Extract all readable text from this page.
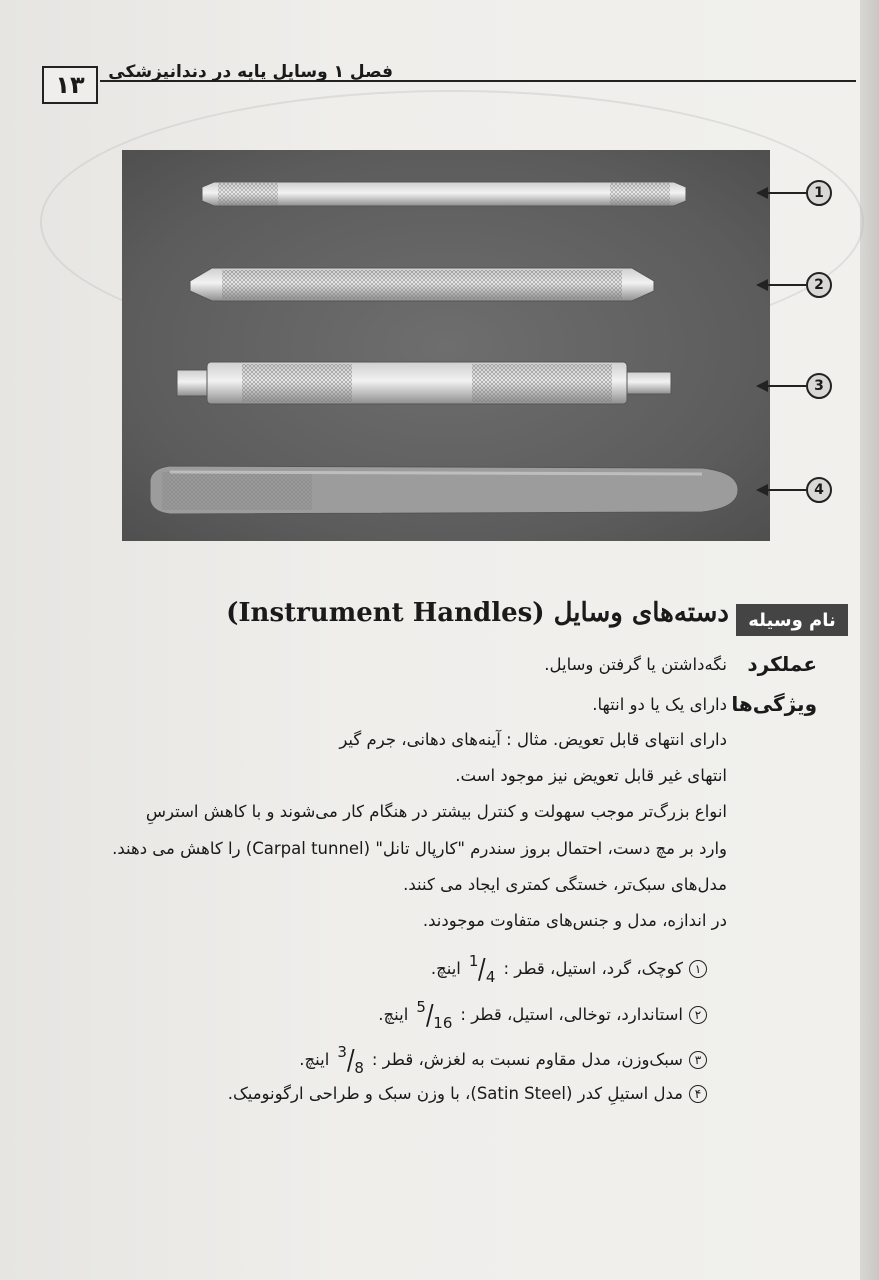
۱۳	فصل ۱ وسایل پایه در دندانپزشکی
1
2
3
4
نام وسیله
دسته‌های وسایل (Instrument Handles)
عملکرد
نگه‌داشتن یا گرفتن وسایل.
ویژگی‌ها
دارای یک یا دو انتها.
دارای انتهای قابل تعویض. مثال : آینه‌های دهانی، جرم گیر
انتهای غیر قابل تعویض نیز موجود است.
انواع بزرگ‌تر موجب سهولت و کنترل بیشتر در هنگام کار می‌شوند و با کاهش استرسِ
وارد بر مچ دست، احتمال بروز سندرم "کارپال تانل" (Carpal tunnel) را کاهش می دهند.
مدل‌های سبک‌تر، خستگی کمتری ایجاد می کنند.
در اندازه، مدل و جنس‌های متفاوت موجودند.
۱
کوچک، گرد، استیل، قطر :
1 / 4
اینچ.
۲
استاندارد، توخالی، استیل، قطر :
5 / 16
اینچ.
۳
سبک‌وزن، مدل مقاوم نسبت به لغزش، قطر :
3 / 8
اینچ.
۴
مدل استیلِ کدر (Satin Steel)، با وزن سبک و طراحی ارگونومیک.
